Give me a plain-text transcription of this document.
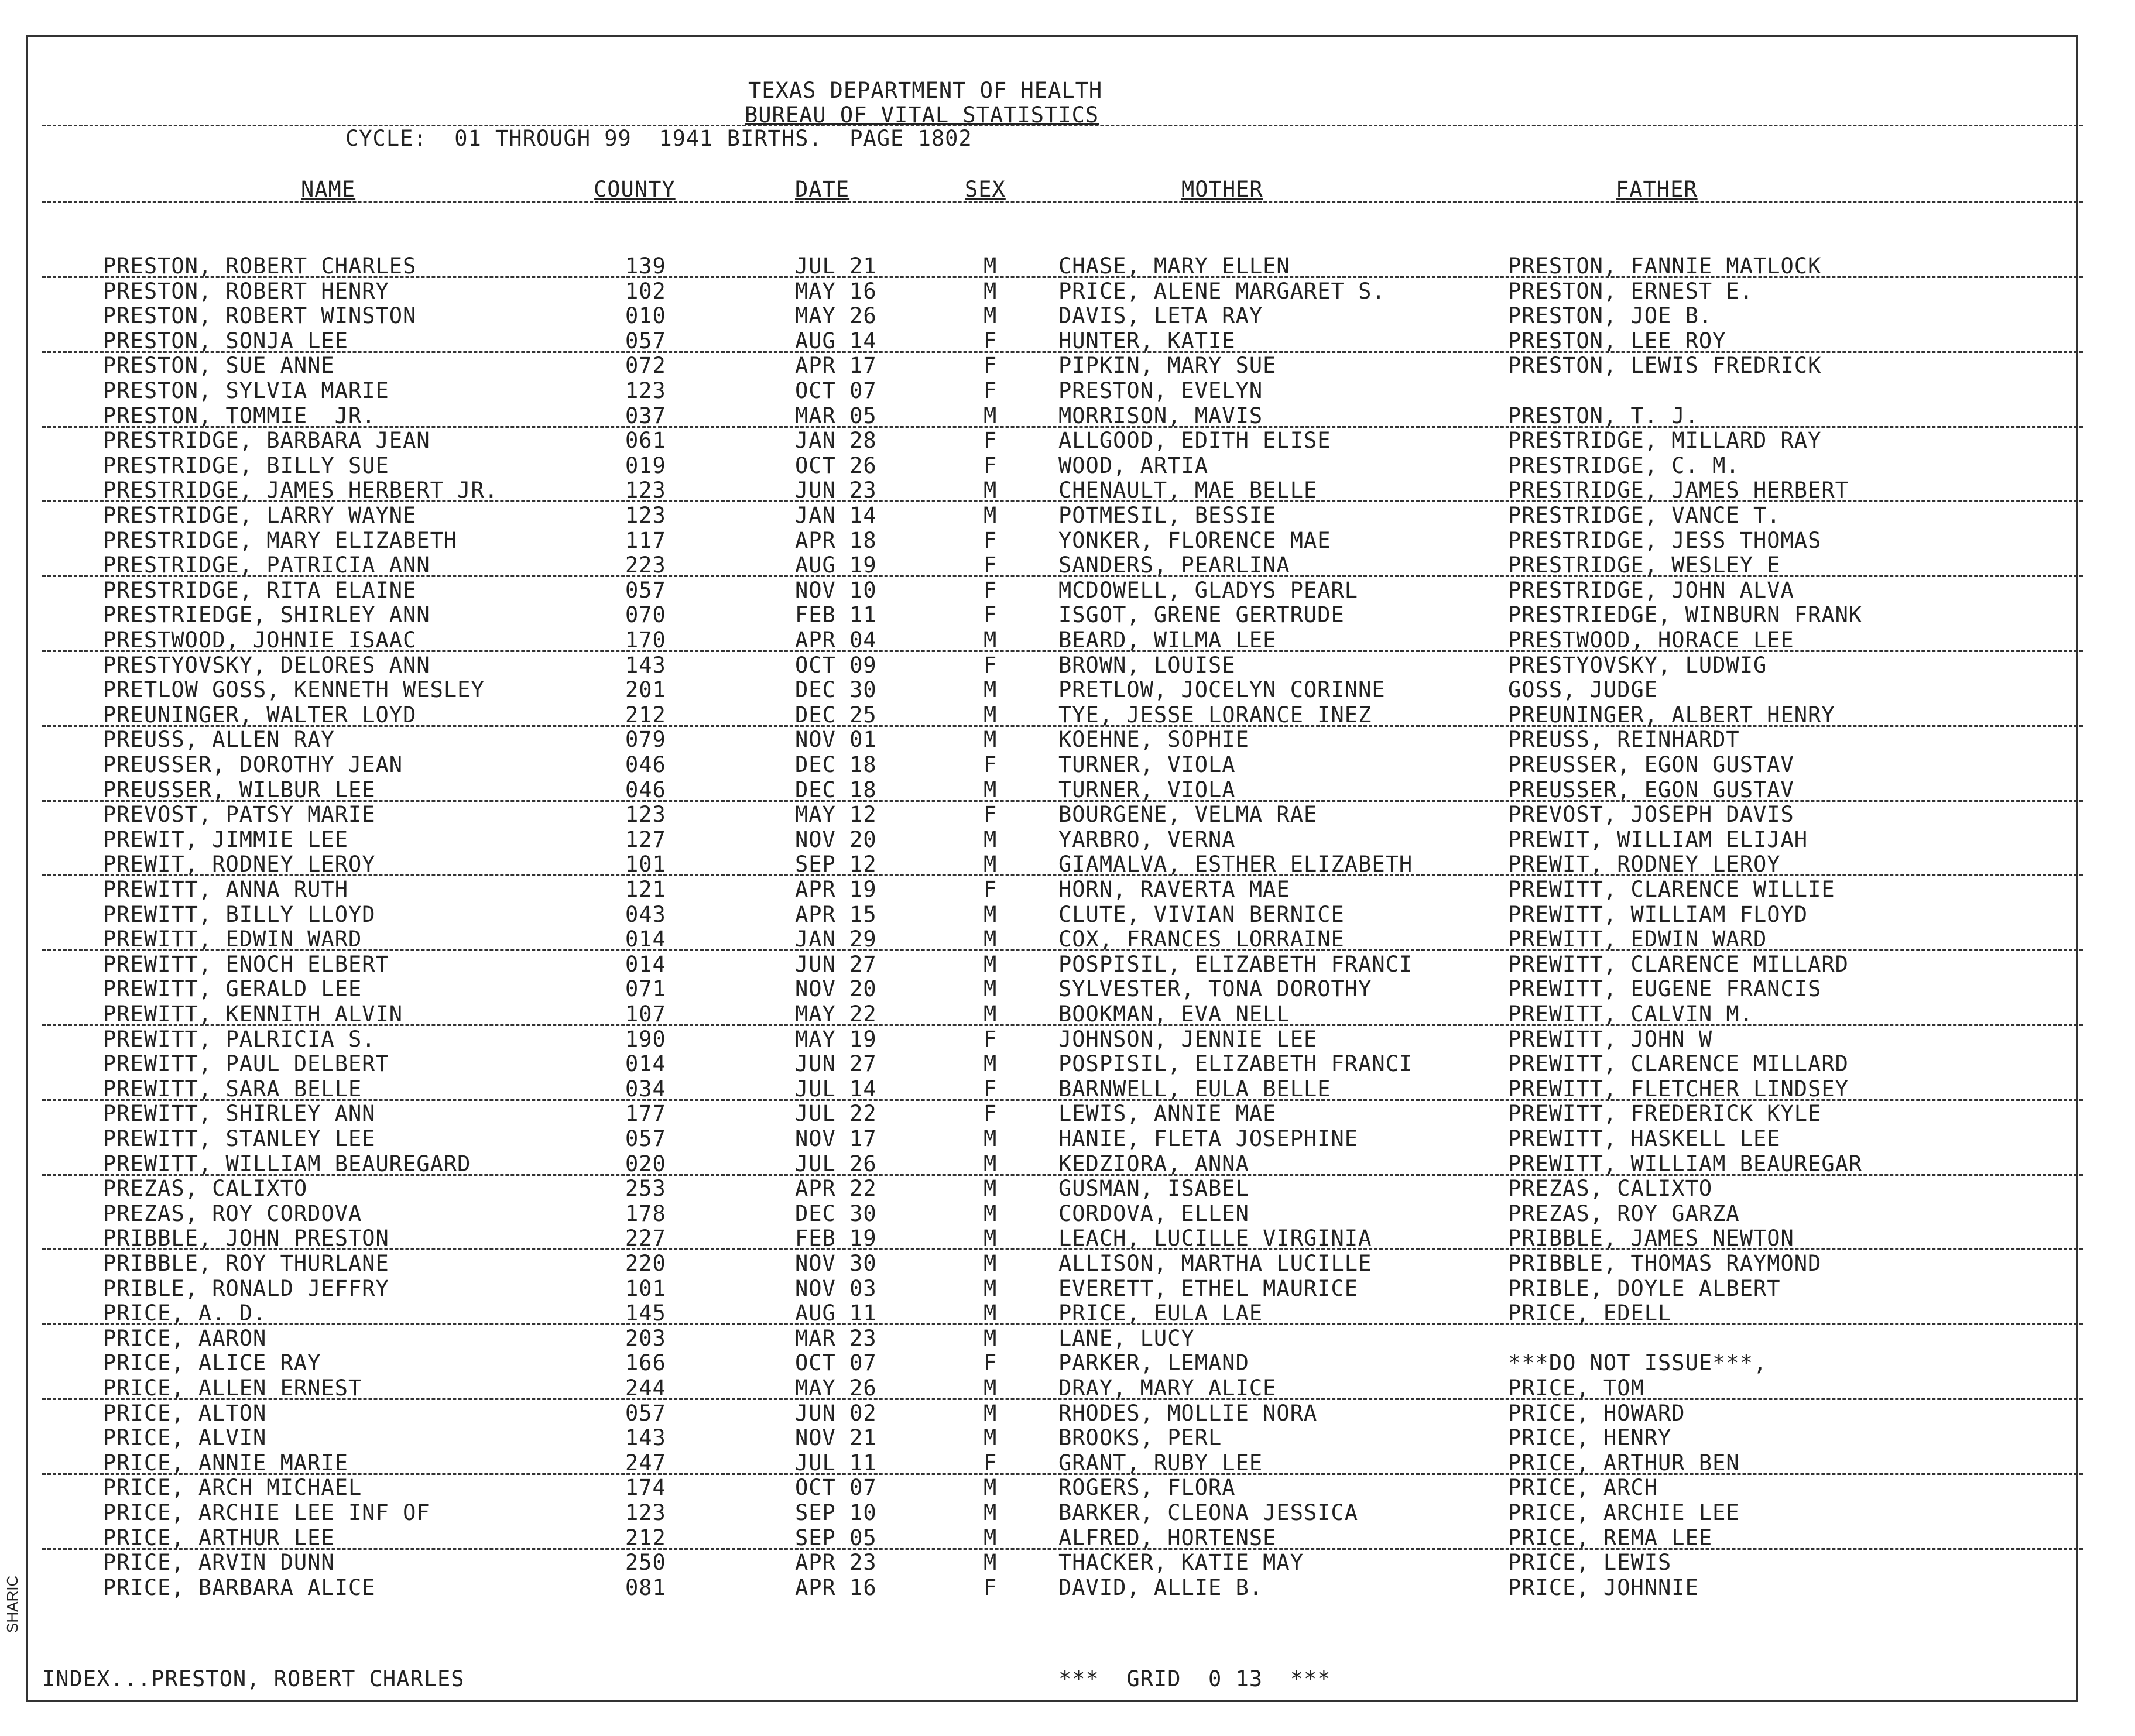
TEXAS DEPARTMENT OF HEALTH
BUREAU OF VITAL STATISTICS
CYCLE:  01 THROUGH 99  1941 BIRTHS.  PAGE 1802
NAME	COUNTY	DATE	SEX	MOTHER	FATHER
PRESTON, ROBERT CHARLES	139	JUL 21	M	CHASE, MARY ELLEN	PRESTON, FANNIE MATLOCK
PRESTON, ROBERT HENRY	102	MAY 16	M	PRICE, ALENE MARGARET S.	PRESTON, ERNEST E.
PRESTON, ROBERT WINSTON	010	MAY 26	M	DAVIS, LETA RAY	PRESTON, JOE B.
PRESTON, SONJA LEE	057	AUG 14	F	HUNTER, KATIE	PRESTON, LEE ROY
PRESTON, SUE ANNE	072	APR 17	F	PIPKIN, MARY SUE	PRESTON, LEWIS FREDRICK
PRESTON, SYLVIA MARIE	123	OCT 07	F	PRESTON, EVELYN
PRESTON, TOMMIE  JR.	037	MAR 05	M	MORRISON, MAVIS	PRESTON, T. J.
PRESTRIDGE, BARBARA JEAN	061	JAN 28	F	ALLGOOD, EDITH ELISE	PRESTRIDGE, MILLARD RAY
PRESTRIDGE, BILLY SUE	019	OCT 26	F	WOOD, ARTIA	PRESTRIDGE, C. M.
PRESTRIDGE, JAMES HERBERT JR.	123	JUN 23	M	CHENAULT, MAE BELLE	PRESTRIDGE, JAMES HERBERT
PRESTRIDGE, LARRY WAYNE	123	JAN 14	M	POTMESIL, BESSIE	PRESTRIDGE, VANCE T.
PRESTRIDGE, MARY ELIZABETH	117	APR 18	F	YONKER, FLORENCE MAE	PRESTRIDGE, JESS THOMAS
PRESTRIDGE, PATRICIA ANN	223	AUG 19	F	SANDERS, PEARLINA	PRESTRIDGE, WESLEY E
PRESTRIDGE, RITA ELAINE	057	NOV 10	F	MCDOWELL, GLADYS PEARL	PRESTRIDGE, JOHN ALVA
PRESTRIEDGE, SHIRLEY ANN	070	FEB 11	F	ISGOT, GRENE GERTRUDE	PRESTRIEDGE, WINBURN FRANK
PRESTWOOD, JOHNIE ISAAC	170	APR 04	M	BEARD, WILMA LEE	PRESTWOOD, HORACE LEE
PRESTYOVSKY, DELORES ANN	143	OCT 09	F	BROWN, LOUISE	PRESTYOVSKY, LUDWIG
PRETLOW GOSS, KENNETH WESLEY	201	DEC 30	M	PRETLOW, JOCELYN CORINNE	GOSS, JUDGE
PREUNINGER, WALTER LOYD	212	DEC 25	M	TYE, JESSE LORANCE INEZ	PREUNINGER, ALBERT HENRY
PREUSS, ALLEN RAY	079	NOV 01	M	KOEHNE, SOPHIE	PREUSS, REINHARDT
PREUSSER, DOROTHY JEAN	046	DEC 18	F	TURNER, VIOLA	PREUSSER, EGON GUSTAV
PREUSSER, WILBUR LEE	046	DEC 18	M	TURNER, VIOLA	PREUSSER, EGON GUSTAV
PREVOST, PATSY MARIE	123	MAY 12	F	BOURGENE, VELMA RAE	PREVOST, JOSEPH DAVIS
PREWIT, JIMMIE LEE	127	NOV 20	M	YARBRO, VERNA	PREWIT, WILLIAM ELIJAH
PREWIT, RODNEY LEROY	101	SEP 12	M	GIAMALVA, ESTHER ELIZABETH	PREWIT, RODNEY LEROY
PREWITT, ANNA RUTH	121	APR 19	F	HORN, RAVERTA MAE	PREWITT, CLARENCE WILLIE
PREWITT, BILLY LLOYD	043	APR 15	M	CLUTE, VIVIAN BERNICE	PREWITT, WILLIAM FLOYD
PREWITT, EDWIN WARD	014	JAN 29	M	COX, FRANCES LORRAINE	PREWITT, EDWIN WARD
PREWITT, ENOCH ELBERT	014	JUN 27	M	POSPISIL, ELIZABETH FRANCI	PREWITT, CLARENCE MILLARD
PREWITT, GERALD LEE	071	NOV 20	M	SYLVESTER, TONA DOROTHY	PREWITT, EUGENE FRANCIS
PREWITT, KENNITH ALVIN	107	MAY 22	M	BOOKMAN, EVA NELL	PREWITT, CALVIN M.
PREWITT, PALRICIA S.	190	MAY 19	F	JOHNSON, JENNIE LEE	PREWITT, JOHN W
PREWITT, PAUL DELBERT	014	JUN 27	M	POSPISIL, ELIZABETH FRANCI	PREWITT, CLARENCE MILLARD
PREWITT, SARA BELLE	034	JUL 14	F	BARNWELL, EULA BELLE	PREWITT, FLETCHER LINDSEY
PREWITT, SHIRLEY ANN	177	JUL 22	F	LEWIS, ANNIE MAE	PREWITT, FREDERICK KYLE
PREWITT, STANLEY LEE	057	NOV 17	M	HANIE, FLETA JOSEPHINE	PREWITT, HASKELL LEE
PREWITT, WILLIAM BEAUREGARD	020	JUL 26	M	KEDZIORA, ANNA	PREWITT, WILLIAM BEAUREGAR
PREZAS, CALIXTO	253	APR 22	M	GUSMAN, ISABEL	PREZAS, CALIXTO
PREZAS, ROY CORDOVA	178	DEC 30	M	CORDOVA, ELLEN	PREZAS, ROY GARZA
PRIBBLE, JOHN PRESTON	227	FEB 19	M	LEACH, LUCILLE VIRGINIA	PRIBBLE, JAMES NEWTON
PRIBBLE, ROY THURLANE	220	NOV 30	M	ALLISON, MARTHA LUCILLE	PRIBBLE, THOMAS RAYMOND
PRIBLE, RONALD JEFFRY	101	NOV 03	M	EVERETT, ETHEL MAURICE	PRIBLE, DOYLE ALBERT
PRICE, A. D.	145	AUG 11	M	PRICE, EULA LAE	PRICE, EDELL
PRICE, AARON	203	MAR 23	M	LANE, LUCY
PRICE, ALICE RAY	166	OCT 07	F	PARKER, LEMAND	***DO NOT ISSUE***,
PRICE, ALLEN ERNEST	244	MAY 26	M	DRAY, MARY ALICE	PRICE, TOM
PRICE, ALTON	057	JUN 02	M	RHODES, MOLLIE NORA	PRICE, HOWARD
PRICE, ALVIN	143	NOV 21	M	BROOKS, PERL	PRICE, HENRY
PRICE, ANNIE MARIE	247	JUL 11	F	GRANT, RUBY LEE	PRICE, ARTHUR BEN
PRICE, ARCH MICHAEL	174	OCT 07	M	ROGERS, FLORA	PRICE, ARCH
PRICE, ARCHIE LEE INF OF	123	SEP 10	M	BARKER, CLEONA JESSICA	PRICE, ARCHIE LEE
PRICE, ARTHUR LEE	212	SEP 05	M	ALFRED, HORTENSE	PRICE, REMA LEE
PRICE, ARVIN DUNN	250	APR 23	M	THACKER, KATIE MAY	PRICE, LEWIS
PRICE, BARBARA ALICE	081	APR 16	F	DAVID, ALLIE B.	PRICE, JOHNNIE
INDEX...PRESTON, ROBERT CHARLES	***  GRID  0 13  ***
SHARIC
